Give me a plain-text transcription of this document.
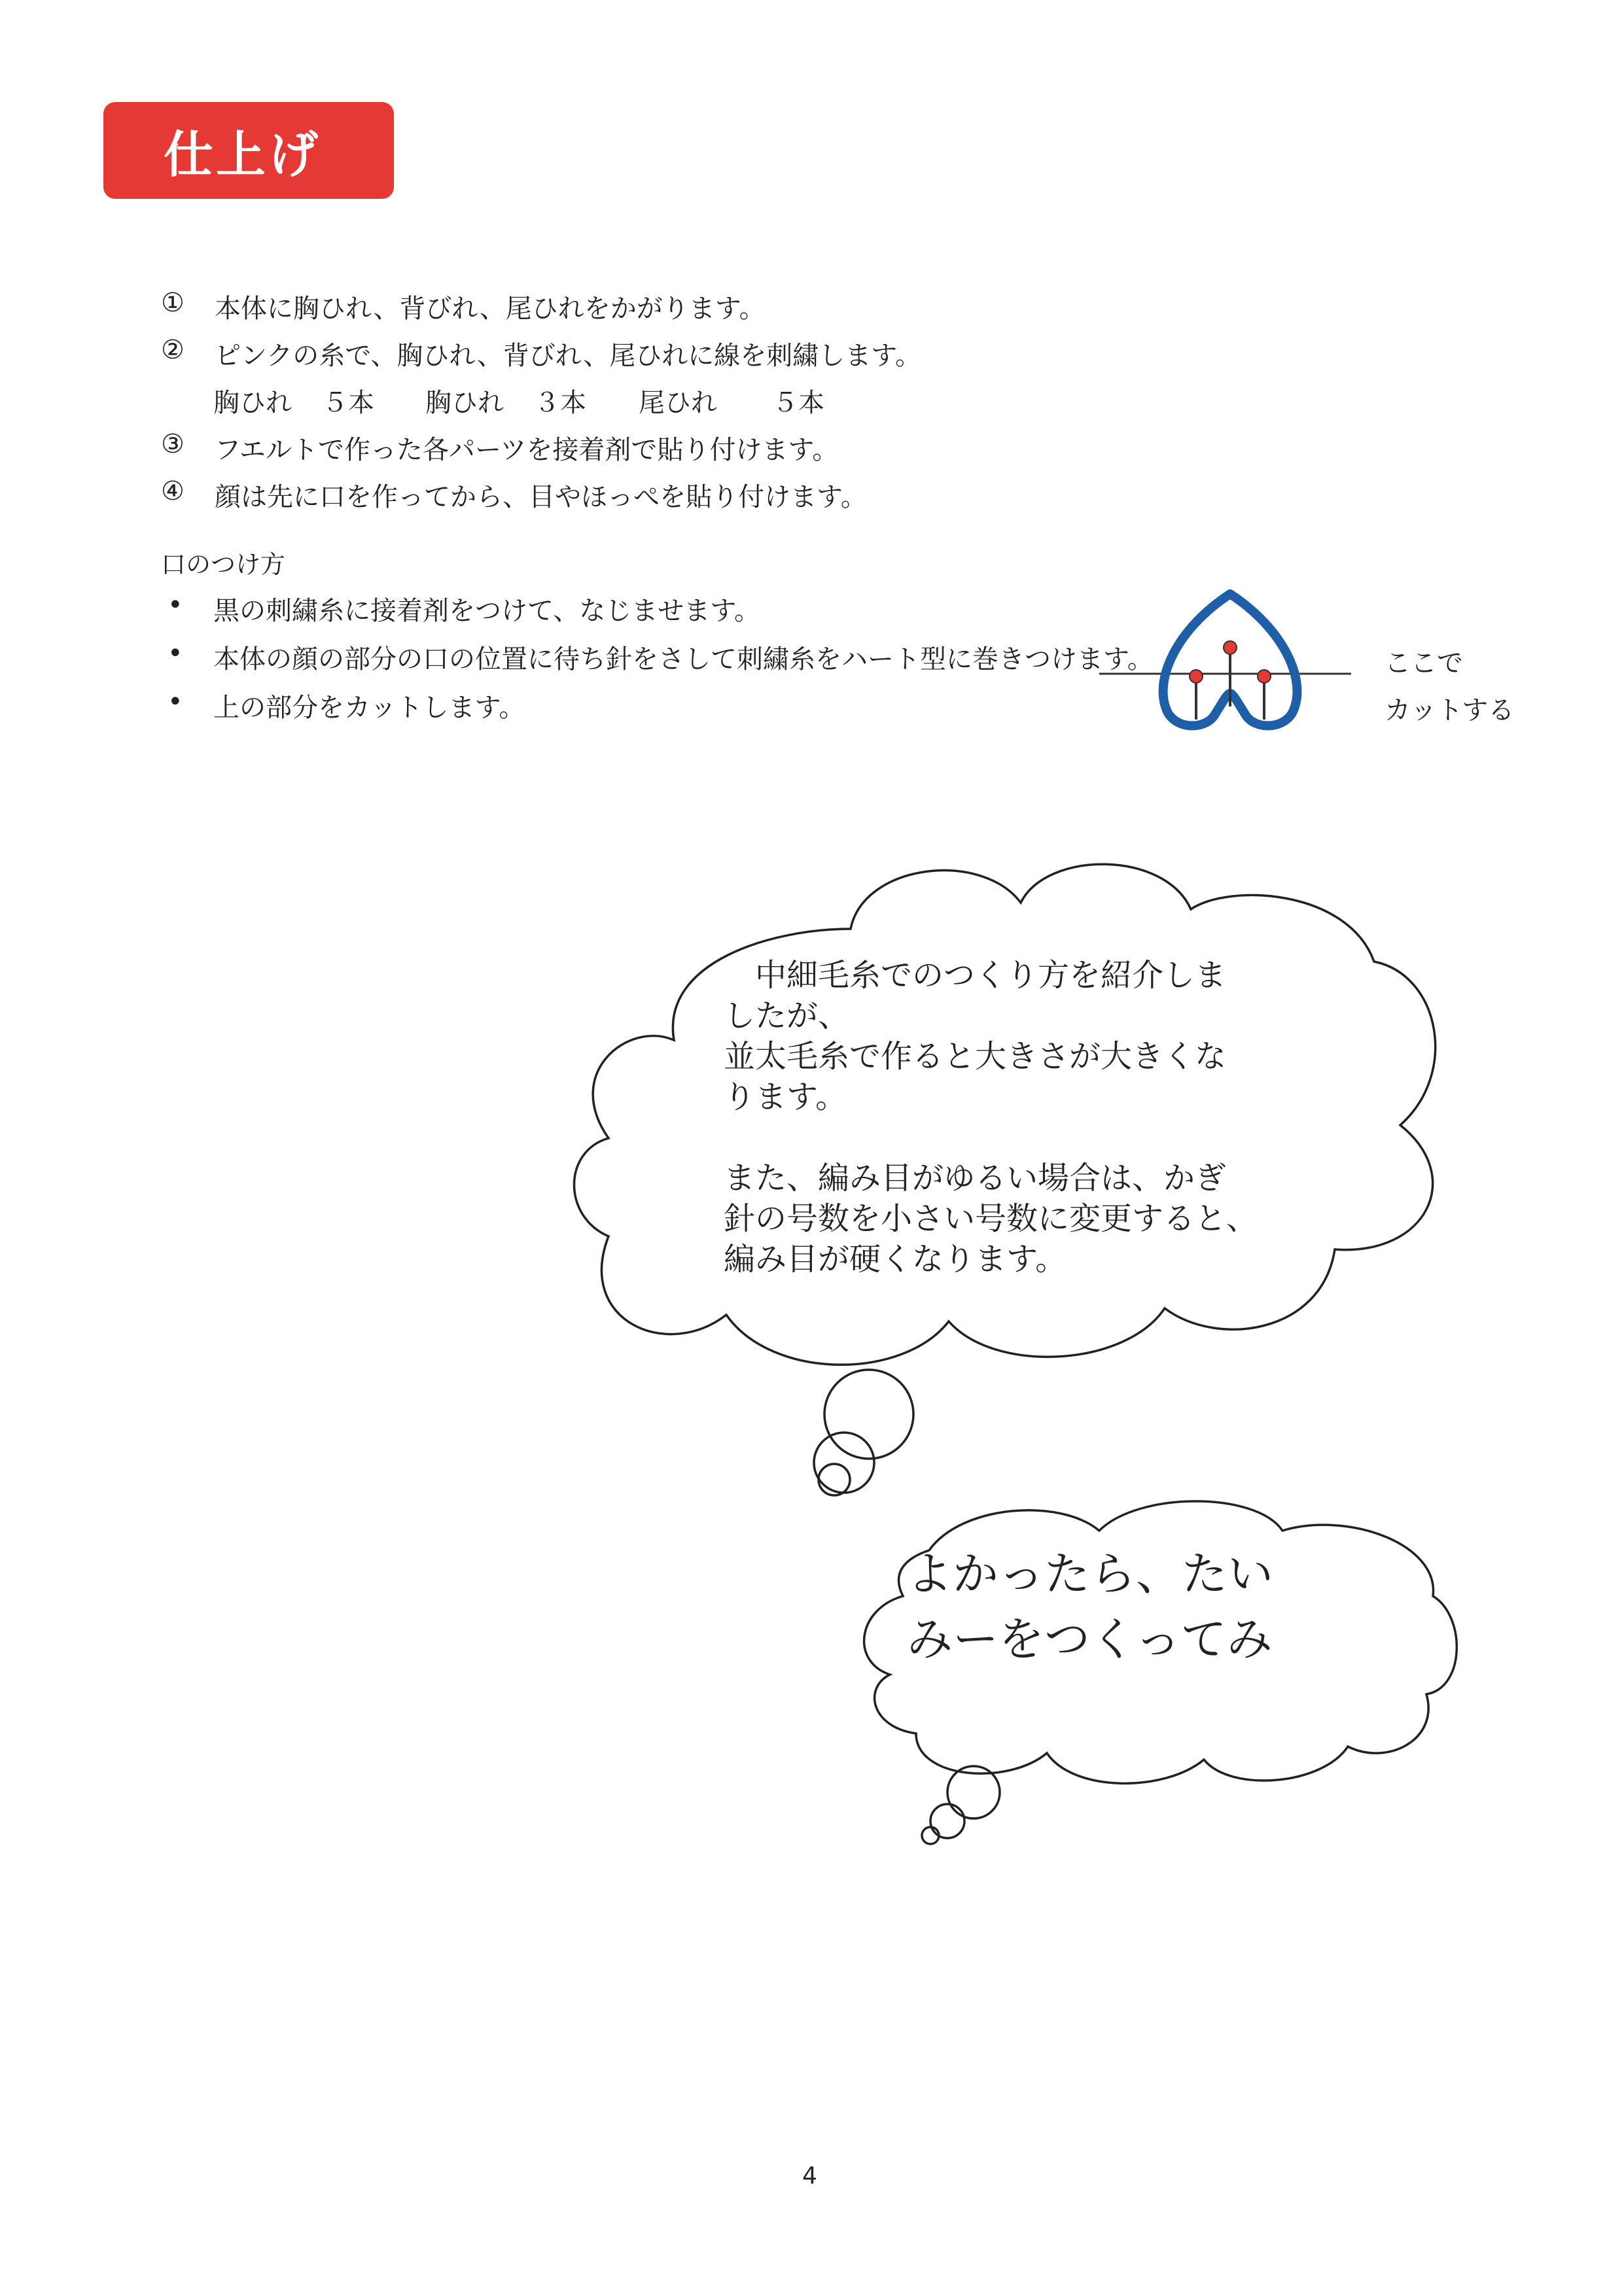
仕上げ
① 本体に胸ひれ、背びれ、尾ひれをかがります。
② ピンクの糸で、胸ひれ、背びれ、尾ひれに線を刺繍します。
胸ひれ ５本 胸ひれ ３本 尾ひれ ５本
③ フエルトで作った各パーツを接着剤で貼り付けます。
④ 顔は先に口を作ってから、目やほっぺを貼り付けます。
口のつけ方
• 黒の刺繍糸に接着剤をつけて、なじませます。
• 本体の顔の部分の口の位置に待ち針をさして刺繍糸をハート型に巻きつけます。
• 上の部分をカットします。
ここで
カットする
　中細毛糸でのつくり方を紹介しま
したが、
並太毛糸で作ると大きさが大きくな
ります。
また、編み目がゆるい場合は、かぎ
針の号数を小さい号数に変更すると、
編み目が硬くなります。
よかったら、たい
みーをつくってみ
4
